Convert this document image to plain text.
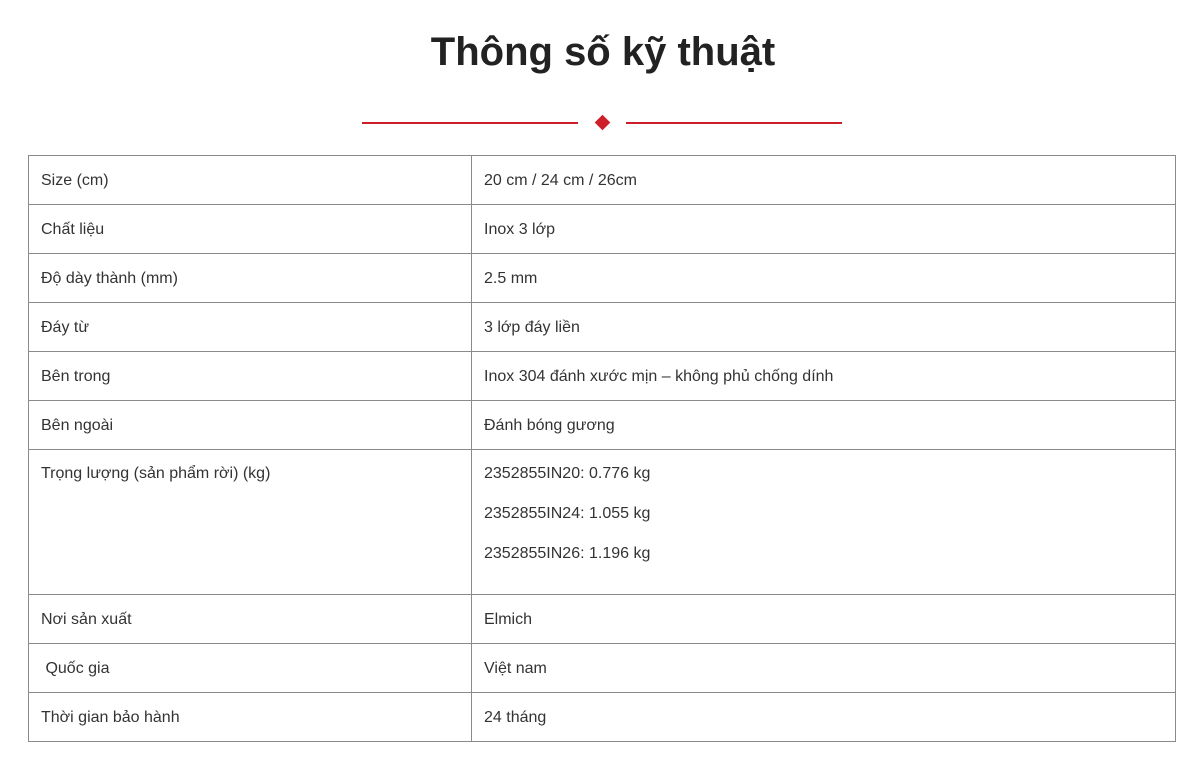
Thông số kỹ thuật
Size (cm)	20 cm / 24 cm / 26cm
Chất liệu	Inox 3 lớp
Độ dày thành (mm)	2.5 mm
Đáy từ	3 lớp đáy liền
Bên trong	Inox 304 đánh xước mịn – không phủ chống dính
Bên ngoài	Đánh bóng gương
Trọng lượng (sản phẩm rời) (kg)	2352855IN20: 0.776 kg
2352855IN24: 1.055 kg
2352855IN26: 1.196 kg

Nơi sản xuất	Elmich
Quốc gia	Việt nam
Thời gian bảo hành	24 tháng
